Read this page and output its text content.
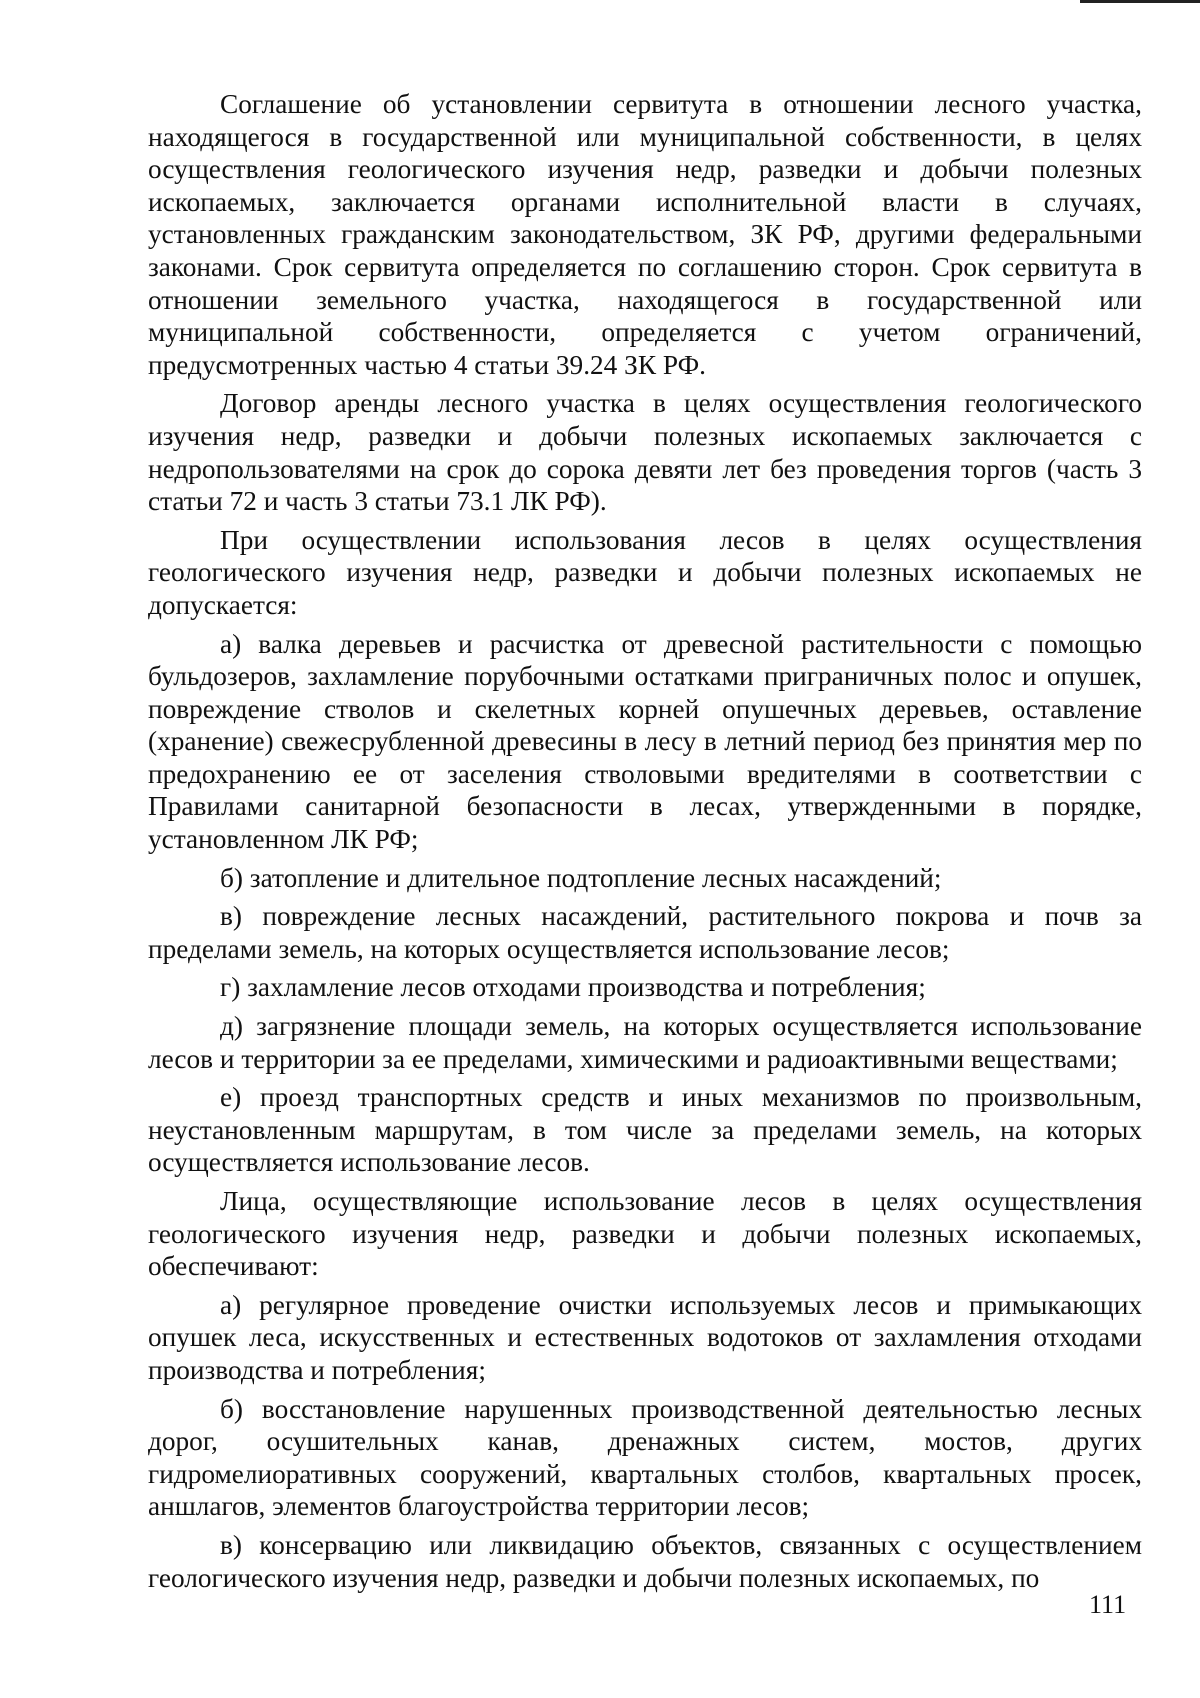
Соглашение об установлении сервитута в отношении лесного участка, находящегося в государственной или муниципальной собственности, в целях осуществления геологического изучения недр, разведки и добычи полезных ископаемых, заключается органами исполнительной власти в случаях, установленных гражданским законодательством, ЗК РФ, другими федеральными законами. Срок сервитута определяется по соглашению сторон. Срок сервитута в отношении земельного участка, находящегося в государственной или муниципальной собственности, определяется с учетом ограничений, предусмотренных частью 4 статьи 39.24 ЗК РФ.

Договор аренды лесного участка в целях осуществления геологического изучения недр, разведки и добычи полезных ископаемых заключается с недропользователями на срок до сорока девяти лет без проведения торгов (часть 3 статьи 72 и часть 3 статьи 73.1 ЛК РФ).

При осуществлении использования лесов в целях осуществления геологического изучения недр, разведки и добычи полезных ископаемых не допускается:

а) валка деревьев и расчистка от древесной растительности с помощью бульдозеров, захламление порубочными остатками приграничных полос и опушек, повреждение стволов и скелетных корней опушечных деревьев, оставление (хранение) свежесрубленной древесины в лесу в летний период без принятия мер по предохранению ее от заселения стволовыми вредителями в соответствии с Правилами санитарной безопасности в лесах, утвержденными в порядке, установленном ЛК РФ;

б) затопление и длительное подтопление лесных насаждений;

в) повреждение лесных насаждений, растительного покрова и почв за пределами земель, на которых осуществляется использование лесов;

г) захламление лесов отходами производства и потребления;

д) загрязнение площади земель, на которых осуществляется использование лесов и территории за ее пределами, химическими и радиоактивными веществами;

е) проезд транспортных средств и иных механизмов по произвольным, неустановленным маршрутам, в том числе за пределами земель, на которых осуществляется использование лесов.

Лица, осуществляющие использование лесов в целях осуществления геологического изучения недр, разведки и добычи полезных ископаемых, обеспечивают:

а) регулярное проведение очистки используемых лесов и примыкающих опушек леса, искусственных и естественных водотоков от захламления отходами производства и потребления;

б) восстановление нарушенных производственной деятельностью лесных дорог, осушительных канав, дренажных систем, мостов, других гидромелиоративных сооружений, квартальных столбов, квартальных просек, аншлагов, элементов благоустройства территории лесов;

в) консервацию или ликвидацию объектов, связанных с осуществлением геологического изучения недр, разведки и добычи полезных ископаемых, по

111
